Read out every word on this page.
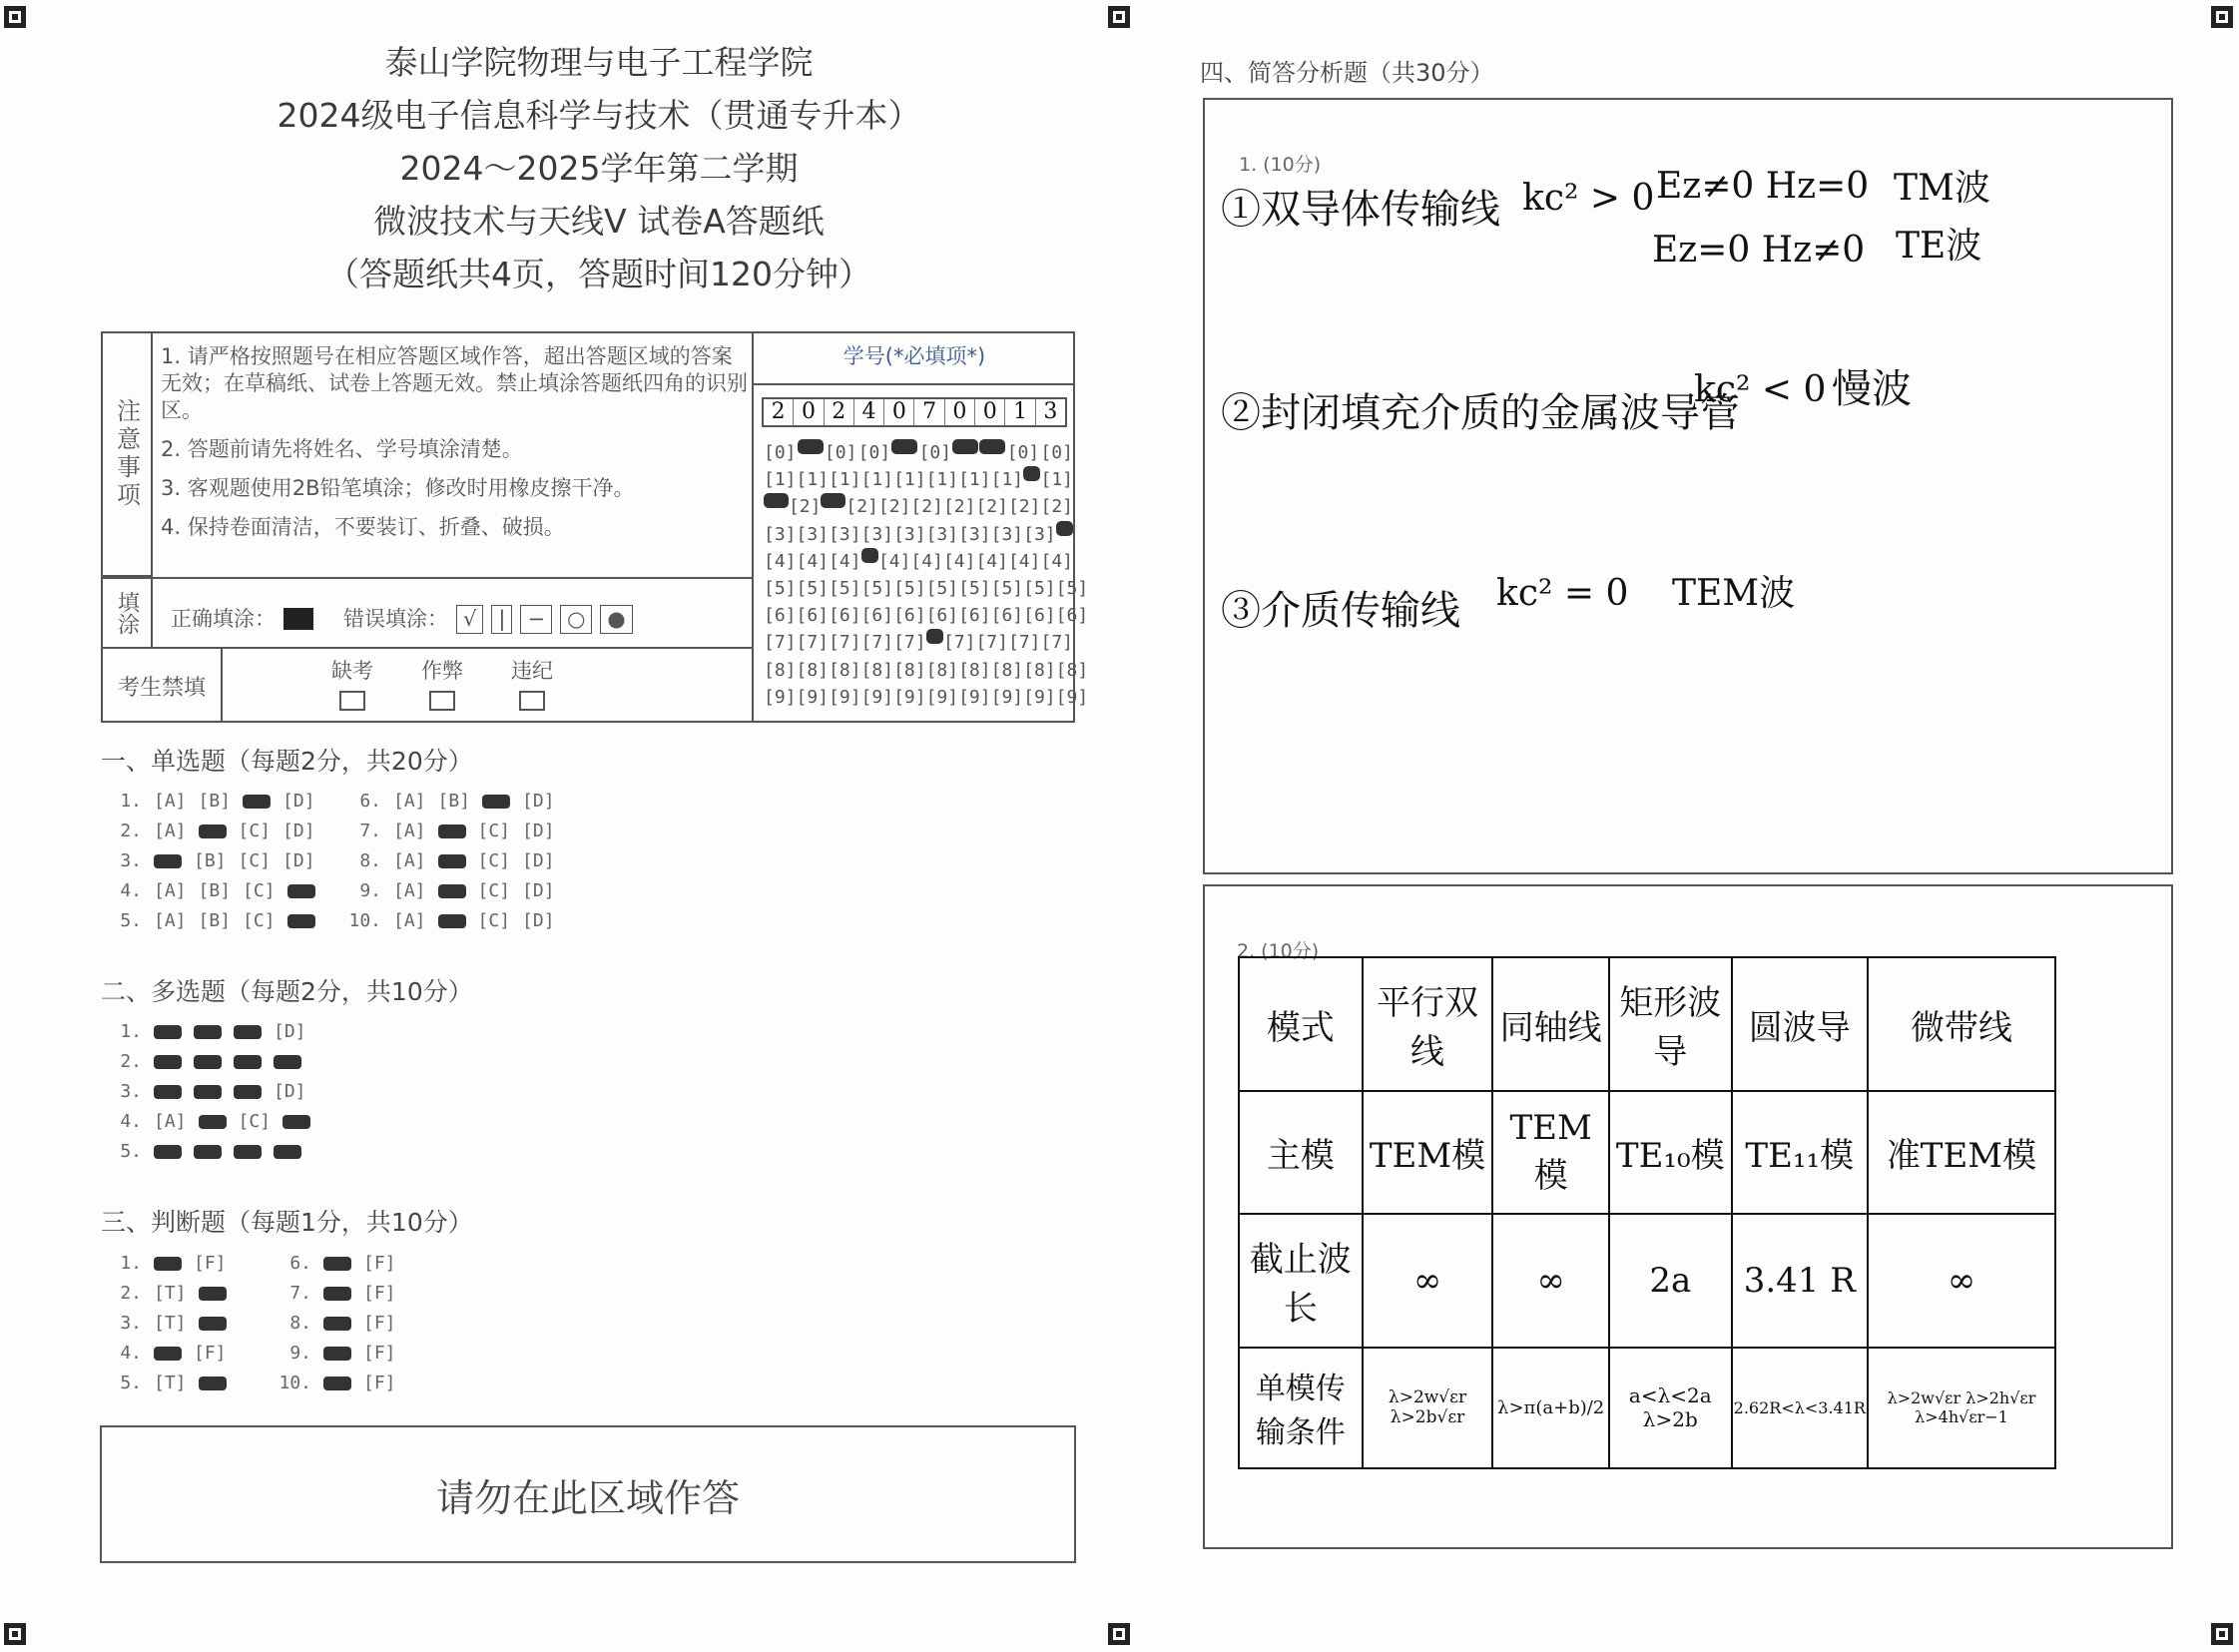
泰山学院物理与电子工程学院
2024级电子信息科学与技术（贯通专升本）
2024～2025学年第二学期
微波技术与天线Ⅴ 试卷A答题纸
（答题纸共4页，答题时间120分钟）
注意事项
1. 请严格按照题号在相应答题区域作答，超出答题区域的答案无效；在草稿纸、试卷上答题无效。禁止填涂答题纸四角的识别区。
2. 答题前请先将姓名、学号填涂清楚。
3. 客观题使用2B铅笔填涂；修改时用橡皮擦干净。
4. 保持卷面清洁，不要装订、折叠、破损。
填涂 正确填涂：	错误填涂： √	|	−	○	●
考生禁填
缺考	作弊	违纪
学号(*必填项*)
2 0 2 4 0 7 0 0 1 3
[0] [0] [0] [0]	[0] [0]
[1] [1] [1] [1] [1] [1] [1] [1] [1]
[2] [2] [2] [2] [2] [2] [2] [2]
[3] [3] [3] [3] [3] [3] [3] [3] [3]
[4] [4] [4] [4] [4] [4] [4] [4] [4]
[5] [5] [5] [5] [5] [5] [5] [5] [5] [5]
[6] [6] [6] [6] [6] [6] [6] [6] [6] [6]
[7] [7] [7] [7] [7] [7] [7] [7] [7]
[8] [8] [8] [8] [8] [8] [8] [8] [8] [8]
[9] [9] [9] [9] [9] [9] [9] [9] [9] [9]
一、单选题（每题2分，共20分）
二、多选题（每题2分，共10分）
三、判断题（每题1分，共10分）
请勿在此区域作答
四、简答分析题（共30分）
1. (10分)
①双导体传输线 kc² > 0 Ez≠0 Hz=0 TM波
Ez=0 Hz≠0 TE波
②封闭填充介质的金属波导管
kc² < 0 慢波
③介质传输线 kc² = 0 TEM波
2. (10分)
模式	平行双线	同轴线	矩形波导	圆波导	微带线
主模	TEM模	TEM模	TE₁₀模	TE₁₁模	准TEM模
截止波长	∞	∞	2a	3.41 R	∞
单模传输条件	λ>2w√εr λ>2b√εr	λ>π(a+b)/2	a<λ<2a λ>2b	2.62R<λ<3.41R	λ>2w√εr λ>2h√εr λ>4h√εr−1
1. [A] [B]	[D]
2. [A]	[C] [D]
3.	[B] [C] [D]
4. [A] [B] [C]
5. [A] [B] [C]
6. [A] [B]	[D]
7. [A]	[C] [D]
8. [A]	[C] [D]
9. [A]	[C] [D]
10. [A]	[C] [D]
1.	[D]
2.
3.	[D]
4. [A]	[C]
5.
1.	[F]
2. [T]
3. [T]
4.	[F]
5. [T]
6.	[F]
7.	[F]
8.	[F]
9.	[F]
10.	[F]
